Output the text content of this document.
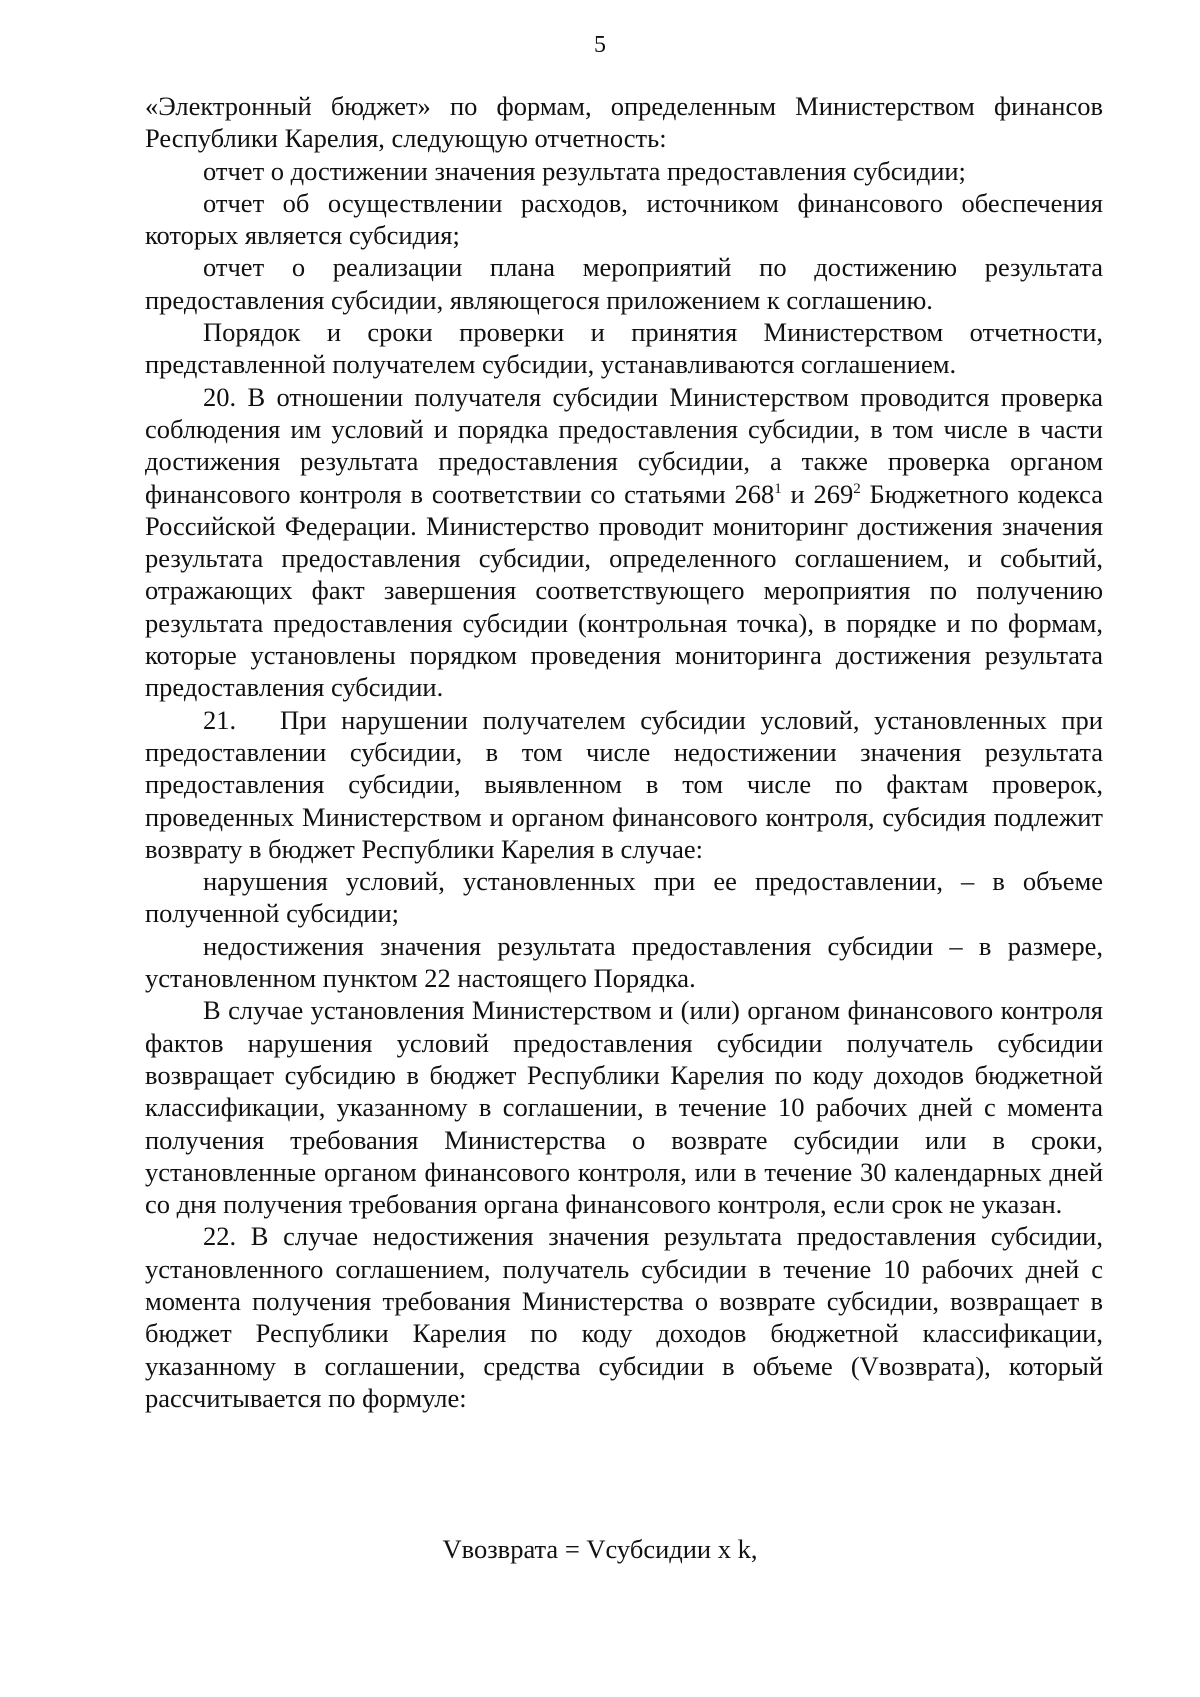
5

«Электронный бюджет» по формам, определенным Министерством финансов Республики Карелия, следующую отчетность:

отчет о достижении значения результата предоставления субсидии;

отчет об осуществлении расходов, источником финансового обеспечения которых является субсидия;

отчет о реализации плана мероприятий по достижению результата предоставления субсидии, являющегося приложением к соглашению.

Порядок и сроки проверки и принятия Министерством отчетности, представленной получателем субсидии, устанавливаются соглашением.

20. В отношении получателя субсидии Министерством проводится проверка соблюдения им условий и порядка предоставления субсидии, в том числе в части достижения результата предоставления субсидии, а также проверка органом финансового контроля в соответствии со статьями $268^1$ и $269^2$ Бюджетного кодекса Российской Федерации. Министерство проводит мониторинг достижения значения результата предоставления субсидии, определенного соглашением, и событий, отражающих факт завершения соответствующего мероприятия по получению результата предоставления субсидии (контрольная точка), в порядке и по формам, которые установлены порядком проведения мониторинга достижения результата предоставления субсидии.

21.   При нарушении получателем субсидии условий, установленных при предоставлении субсидии, в том числе недостижении значения результата предоставления субсидии, выявленном в том числе по фактам проверок, проведенных Министерством и органом финансового контроля, субсидия подлежит возврату в бюджет Республики Карелия в случае:

нарушения условий, установленных при ее предоставлении, – в объеме полученной субсидии;

недостижения значения результата предоставления субсидии – в размере, установленном пунктом 22 настоящего Порядка.

В случае установления Министерством и (или) органом финансового контроля фактов нарушения условий предоставления субсидии получатель субсидии возвращает субсидию в бюджет Республики Карелия по коду доходов бюджетной классификации, указанному в соглашении, в течение 10 рабочих дней с момента получения требования Министерства о возврате субсидии или в сроки, установленные органом финансового контроля, или в течение 30 календарных дней со дня получения требования органа финансового контроля, если срок не указан.

22. В случае недостижения значения результата предоставления субсидии, установленного соглашением, получатель субсидии в течение 10 рабочих дней с момента получения требования Министерства о возврате субсидии, возвращает в бюджет Республики Карелия по коду доходов бюджетной классификации, указанному в соглашении, средства субсидии в объеме (Vвозврата), который рассчитывается по формуле:

Vвозврата = Vсубсидии x k,
